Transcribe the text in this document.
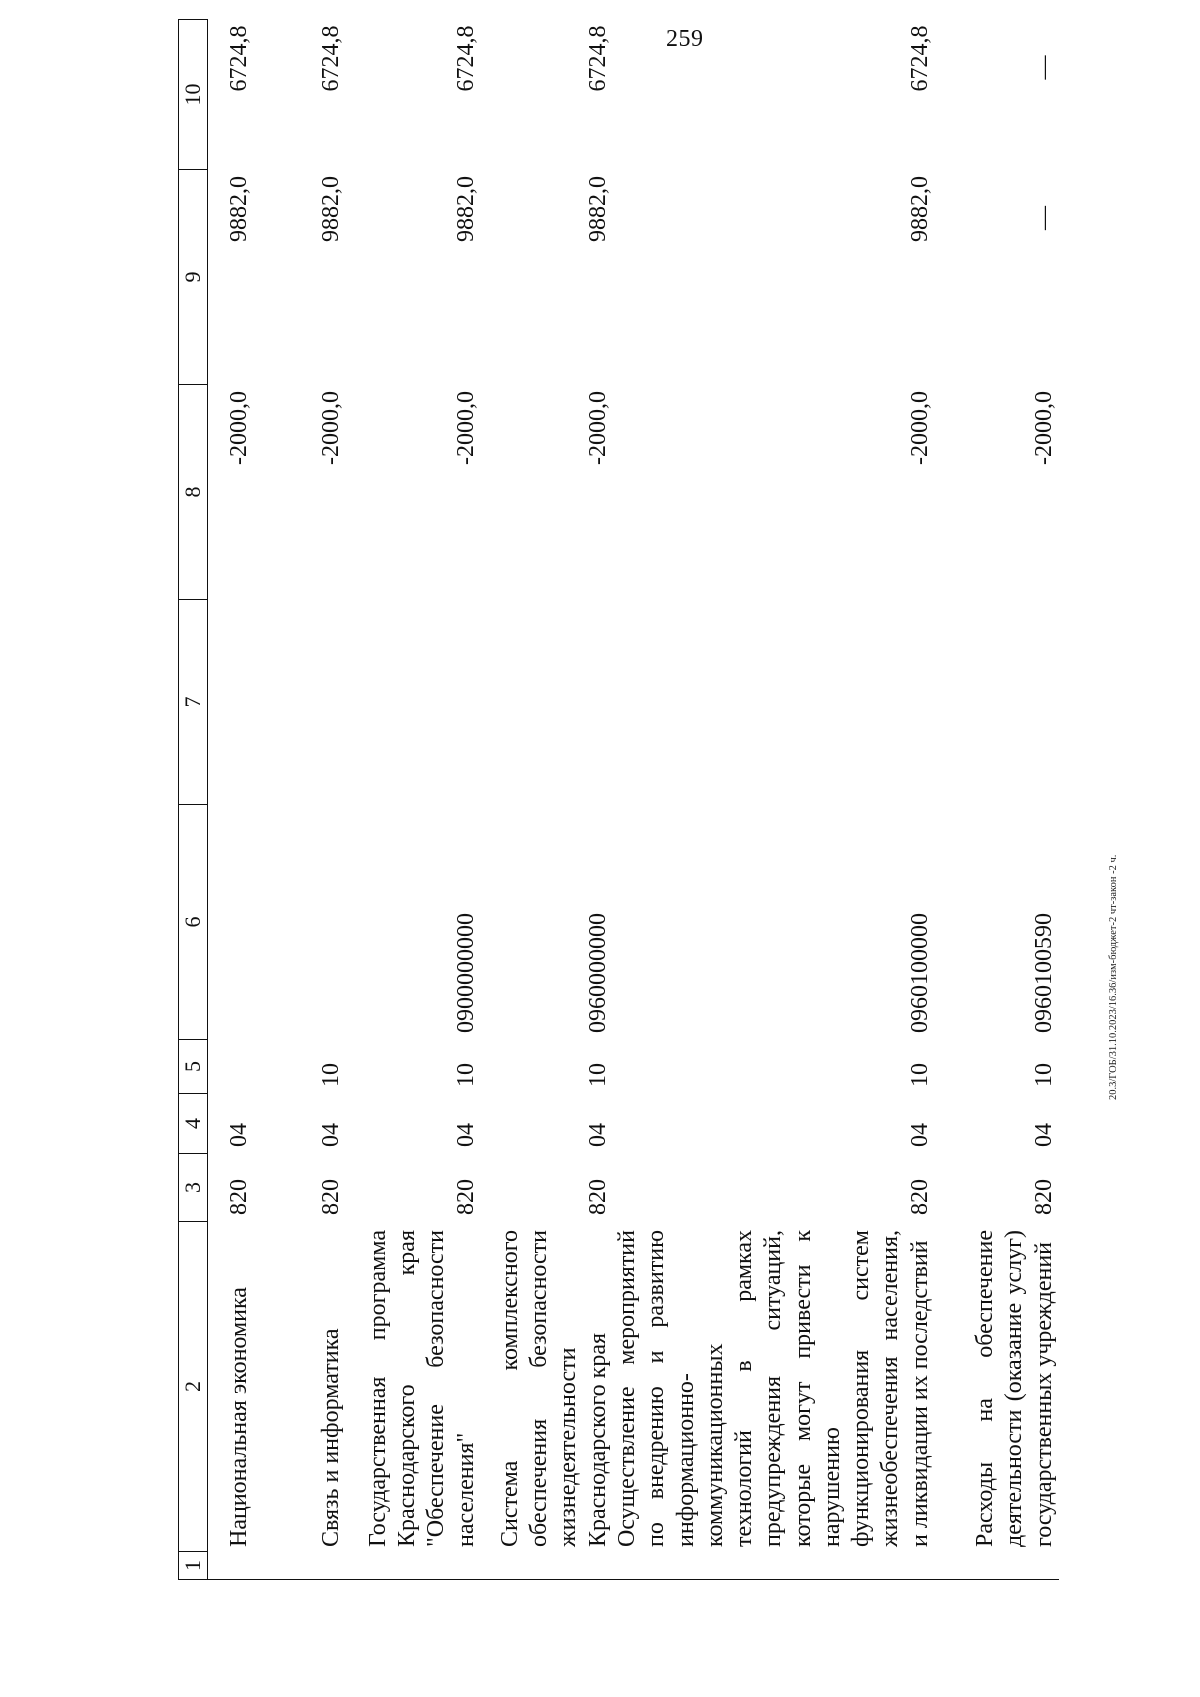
259
1	2	3	4	5	6	7	8	9	10
	Национальная экономика	820	04				-2000,0	9882,0	6724,8
	Связь и информатика	820	04	10			-2000,0	9882,0	6724,8
	Государственная программа Краснодарского края "Обеспечение безопасности населения"	820	04	10	0900000000		-2000,0	9882,0	6724,8
	Система комплексного обеспечения безопасности жизнедеятельности Краснодарского края	820	04	10	0960000000		-2000,0	9882,0	6724,8
	Осуществление мероприятий по внедрению и развитию информационно-коммуникационных технологий в рамках предупреждения ситуаций, которые могут привести к нарушению функционирования систем жизнеобеспечения населения, и ликвидации их последствий	820	04	10	0960100000		-2000,0	9882,0	6724,8
	Расходы на обеспечение деятельности (оказание услуг) государственных учреждений	820	04	10	0960100590		-2000,0	—	—
20.3/ГОБ/31.10.2023/16.36/изм-бюджет-2 чт-закон -2 ч.
